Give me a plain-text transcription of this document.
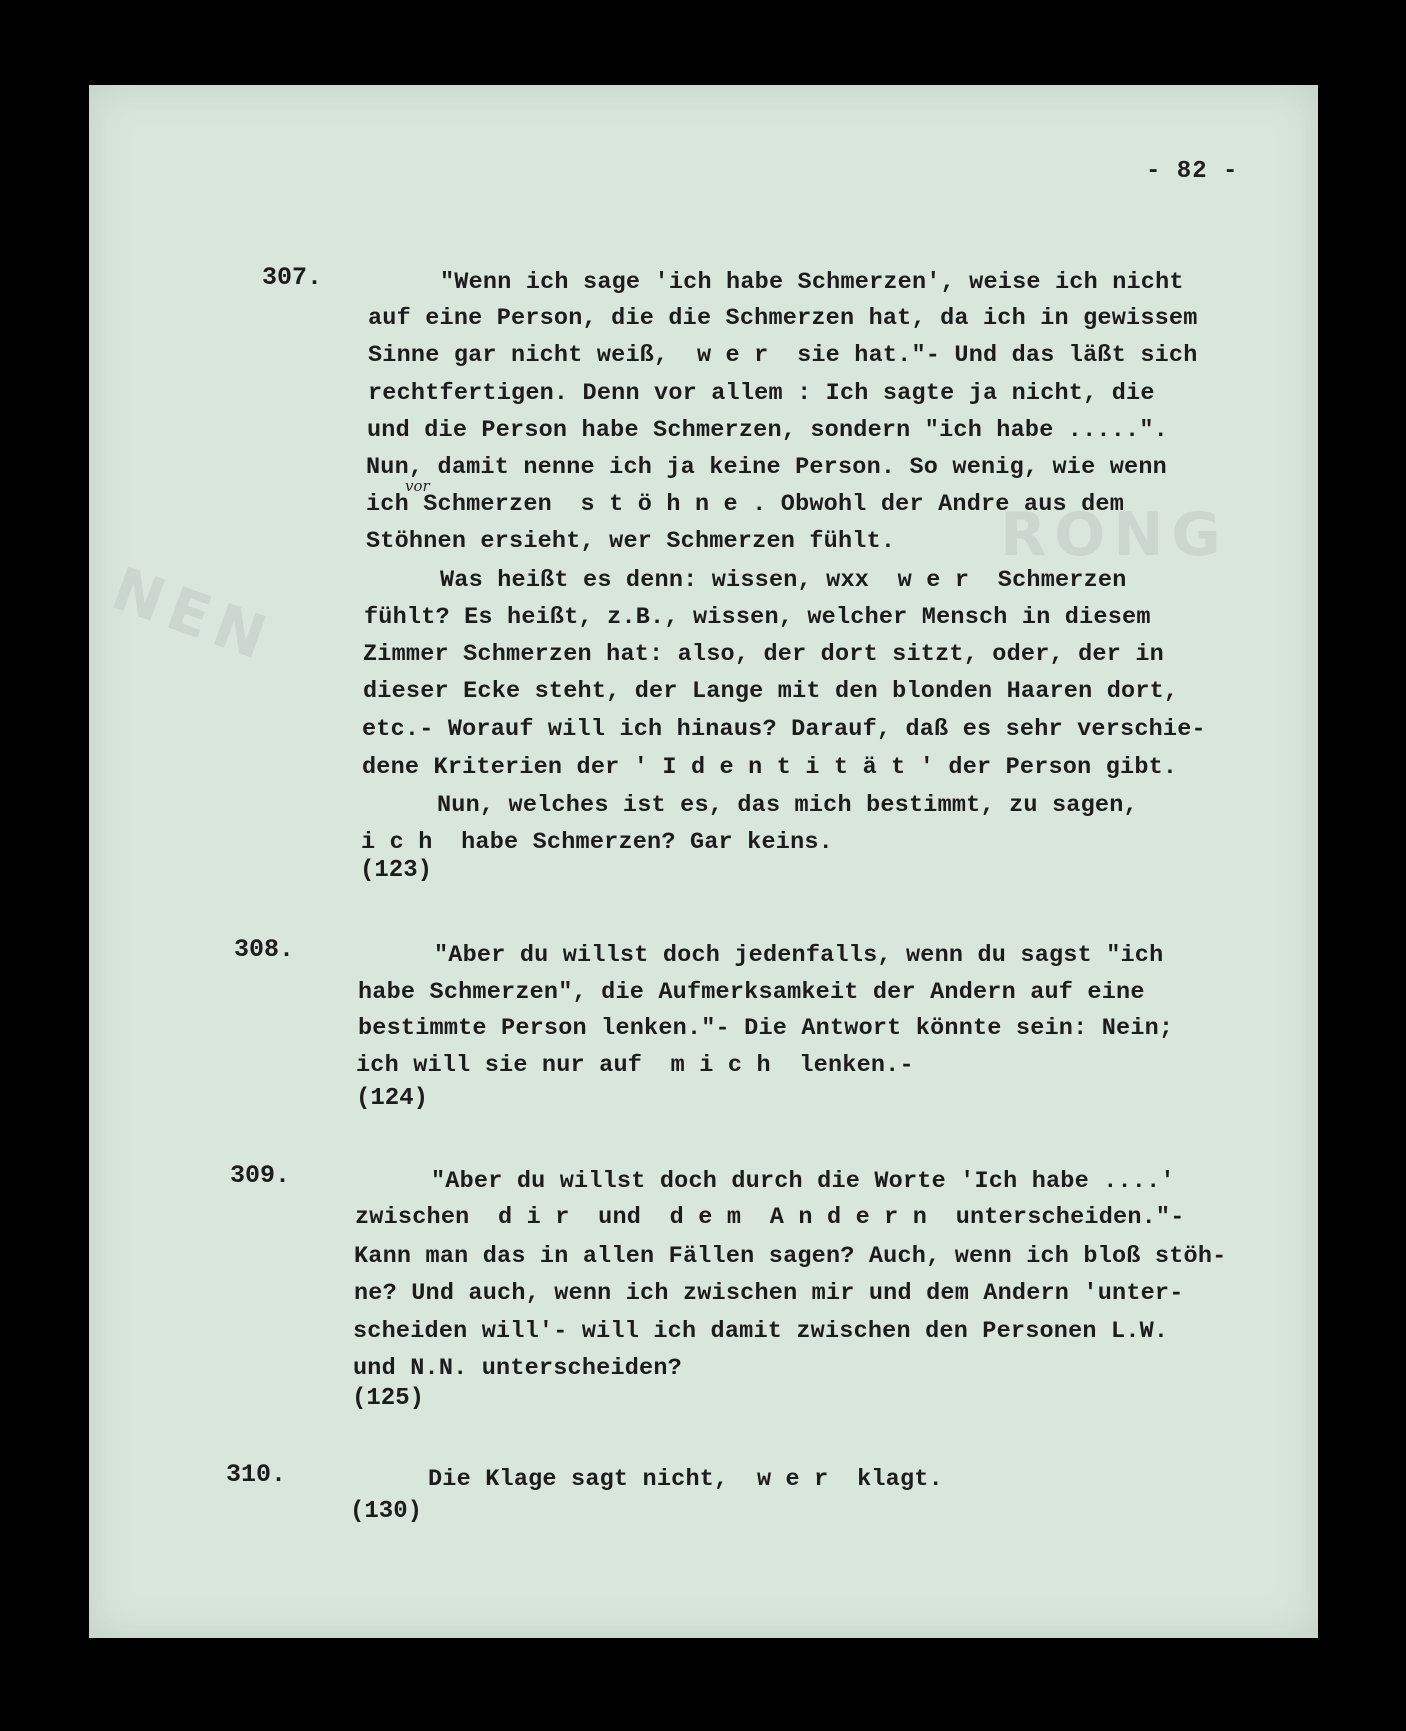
NEN
RONG
- 82 -
307.	"Wenn ich sage 'ich habe Schmerzen', weise ich nicht
auf eine Person, die die Schmerzen hat, da ich in gewissem
Sinne gar nicht weiß,  w e r  sie hat."- Und das läßt sich
rechtfertigen. Denn vor allem : Ich sagte ja nicht, die
und die Person habe Schmerzen, sondern "ich habe .....".
Nun, damit nenne ich ja keine Person. So wenig, wie wenn
vor
ich Schmerzen  s t ö h n e . Obwohl der Andre aus dem
Stöhnen ersieht, wer Schmerzen fühlt.
Was heißt es denn: wissen, wxx  w e r  Schmerzen
fühlt? Es heißt, z.B., wissen, welcher Mensch in diesem
Zimmer Schmerzen hat: also, der dort sitzt, oder, der in
dieser Ecke steht, der Lange mit den blonden Haaren dort,
etc.- Worauf will ich hinaus? Darauf, daß es sehr verschie-
dene Kriterien der ' I d e n t i t ä t ' der Person gibt.
Nun, welches ist es, das mich bestimmt, zu sagen,
i c h  habe Schmerzen? Gar keins.
(123)
308.	"Aber du willst doch jedenfalls, wenn du sagst "ich
habe Schmerzen", die Aufmerksamkeit der Andern auf eine
bestimmte Person lenken."- Die Antwort könnte sein: Nein;
ich will sie nur auf  m i c h  lenken.-
(124)
309.	"Aber du willst doch durch die Worte 'Ich habe ....'
zwischen  d i r  und  d e m  A n d e r n  unterscheiden."-
Kann man das in allen Fällen sagen? Auch, wenn ich bloß stöh-
ne? Und auch, wenn ich zwischen mir und dem Andern 'unter-
scheiden will'- will ich damit zwischen den Personen L.W.
und N.N. unterscheiden?
(125)
310.	Die Klage sagt nicht,  w e r  klagt.
(130)
